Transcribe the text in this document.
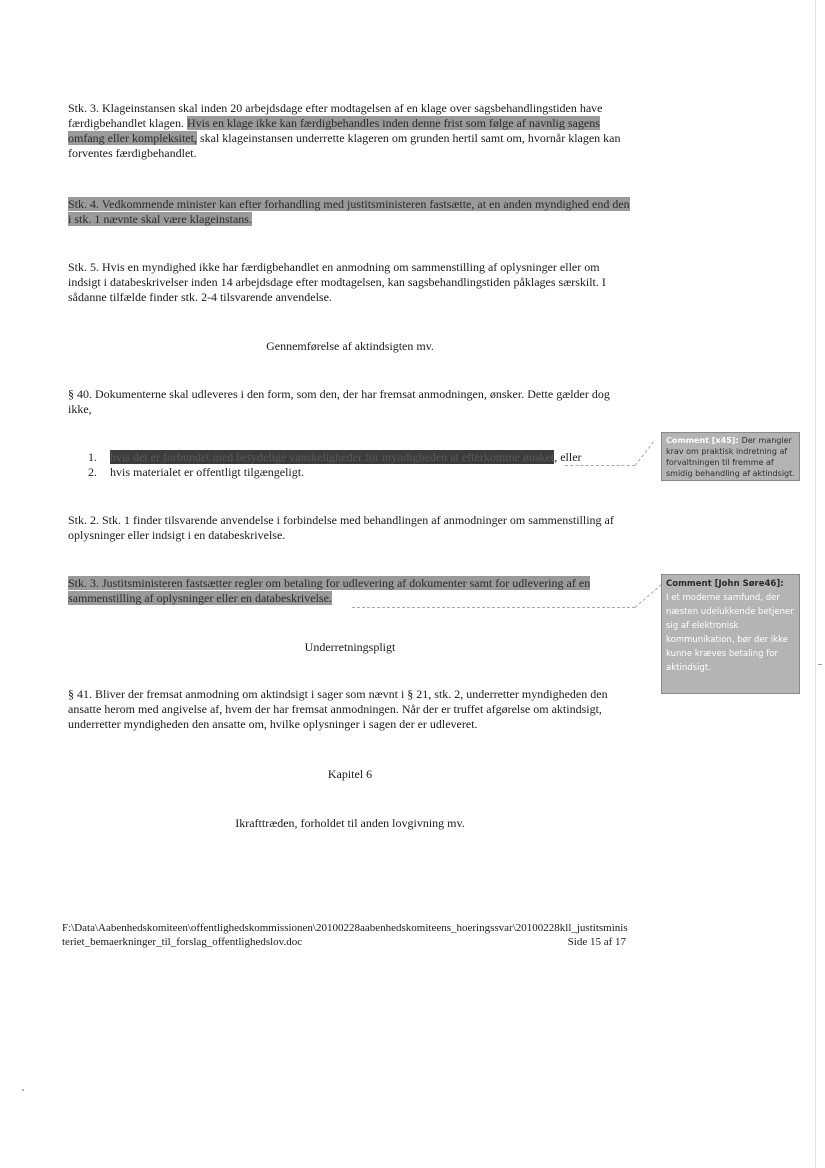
Stk. 3. Klageinstansen skal inden 20 arbejdsdage efter modtagelsen af en klage over sagsbehandlingstiden have færdigbehandlet klagen. Hvis en klage ikke kan færdigbehandles inden denne frist som følge af navnlig sagens omfang eller kompleksitet, skal klageinstansen underrette klageren om grunden hertil samt om, hvornår klagen kan forventes færdigbehandlet.

Stk. 4. Vedkommende minister kan efter forhandling med justitsministeren fastsætte, at en anden myndighed end den i stk. 1 nævnte skal være klageinstans.

Stk. 5. Hvis en myndighed ikke har færdigbehandlet en anmodning om sammenstilling af oplysninger eller om indsigt i databeskrivelser inden 14 arbejdsdage efter modtagelsen, kan sagsbehandlingstiden påklages særskilt. I sådanne tilfælde finder stk. 2-4 tilsvarende anvendelse.

Gennemførelse af aktindsigten mv.

§ 40. Dokumenterne skal udleveres i den form, som den, der har fremsat anmodningen, ønsker. Dette gælder dog ikke,

1. hvis det er forbundet med betydelige vanskeligheder for myndigheden at efterkomme ønsket, eller
2. hvis materialet er offentligt tilgængeligt.

Stk. 2. Stk. 1 finder tilsvarende anvendelse i forbindelse med behandlingen af anmodninger om sammenstilling af oplysninger eller indsigt i en databeskrivelse.

Stk. 3. Justitsministeren fastsætter regler om betaling for udlevering af dokumenter samt for udlevering af en sammenstilling af oplysninger eller en databeskrivelse.

Underretningspligt

§ 41. Bliver der fremsat anmodning om aktindsigt i sager som nævnt i § 21, stk. 2, underretter myndigheden den ansatte herom med angivelse af, hvem der har fremsat anmodningen. Når der er truffet afgørelse om aktindsigt, underretter myndigheden den ansatte om, hvilke oplysninger i sagen der er udleveret.

Kapitel 6

Ikrafttræden, forholdet til anden lovgivning mv.

Comment [x45]: Der mangler krav om praktisk indretning af forvaltningen til fremme af smidig behandling af aktindsigt.
Comment [John Søre46]:
I et moderne samfund, der næsten udelukkende betjener sig af elektronisk kommunikation, bør der ikke kunne kræves betaling for aktindsigt.
F:\Data\Aabenhedskomiteen\offentlighedskommissionen\20100228aabenhedskomiteens_hoeringssvar\20100228kll_justitsministeriet_bemaerkninger_til_forslag_offentlighedslov.doc	Side 15 af 17
